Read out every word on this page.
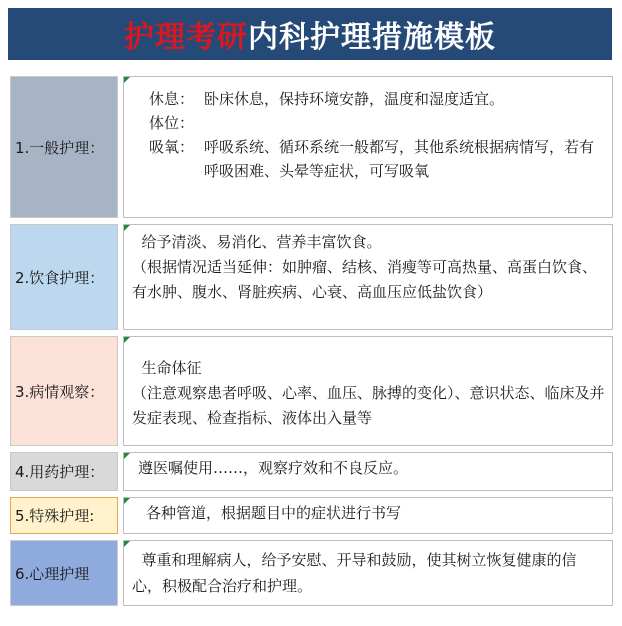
护理考研 内科护理措施模板
1.一般护理：
休息： 卧床休息，保持环境安静，温度和湿度适宜。
体位：
吸氧： 呼吸系统、循环系统一般都写，其他系统根据病情写，若有呼吸困难、头晕等症状，可写吸氧
2.饮食护理：

给予清淡、易消化、营养丰富饮食。

（根据情况适当延伸：如肿瘤、结核、消瘦等可高热量、高蛋白饮食、有水肿、腹水、肾脏疾病、心衰、高血压应低盐饮食）

3.病情观察：

生命体征

（注意观察患者呼吸、心率、血压、脉搏的变化）、意识状态、临床及并发症表现、检查指标、液体出入量等

4.用药护理：	遵医嘱使用……，观察疗效和不良反应。

5.特殊护理:	各种管道，根据题目中的症状进行书写

6.心理护理

尊重和理解病人，给予安慰、开导和鼓励，使其树立恢复健康的信心，积极配合治疗和护理。
